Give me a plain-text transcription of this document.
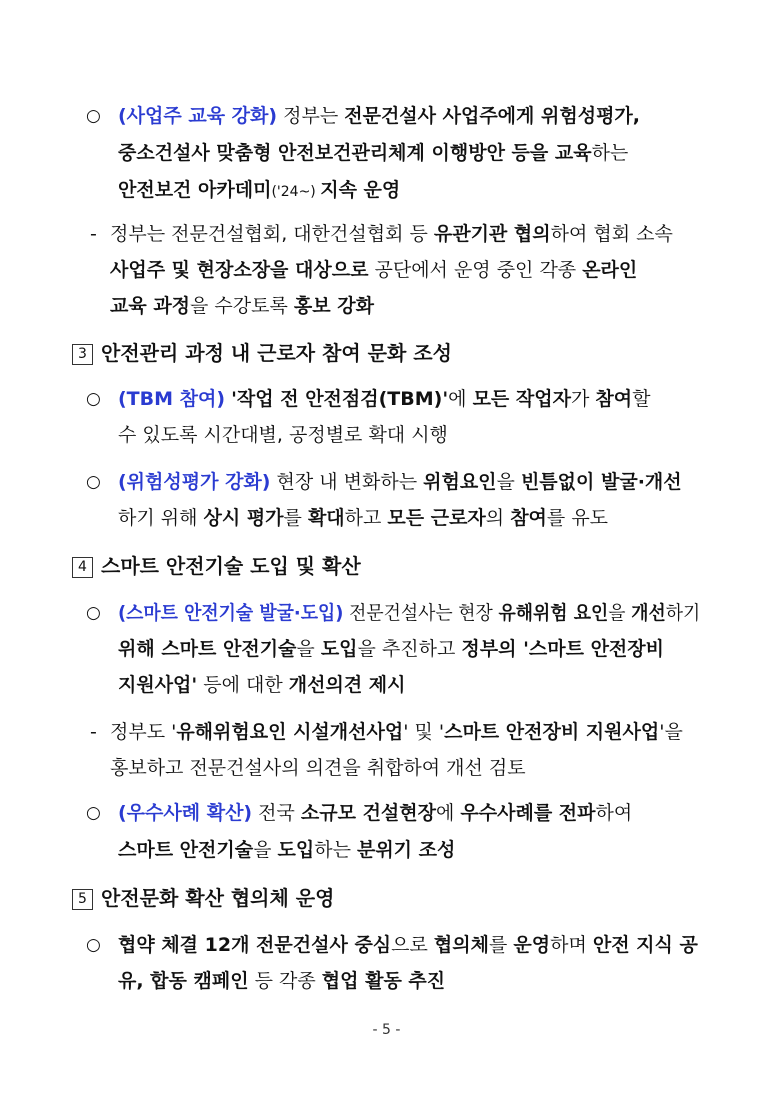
○ (사업주 교육 강화) 정부는 전문건설사 사업주에게 위험성평가,
중소건설사 맞춤형 안전보건관리체계 이행방안 등을 교육하는
안전보건 아카데미('24~) 지속 운영
- 정부는 전문건설협회, 대한건설협회 등 유관기관 협의하여 협회 소속
사업주 및 현장소장을 대상으로 공단에서 운영 중인 각종 온라인
교육 과정을 수강토록 홍보 강화
3 안전관리 과정 내 근로자 참여 문화 조성
○ (TBM 참여) '작업 전 안전점검(TBM)'에 모든 작업자가 참여할
수 있도록 시간대별, 공정별로 확대 시행
○ (위험성평가 강화) 현장 내 변화하는 위험요인을 빈틈없이 발굴·개선
하기 위해 상시 평가를 확대하고 모든 근로자의 참여를 유도
4 스마트 안전기술 도입 및 확산
○ (스마트 안전기술 발굴·도입) 전문건설사는 현장 유해위험 요인을 개선하기
위해 스마트 안전기술을 도입을 추진하고 정부의 '스마트 안전장비
지원사업' 등에 대한 개선의견 제시
- 정부도 '유해위험요인 시설개선사업' 및 '스마트 안전장비 지원사업'을
홍보하고 전문건설사의 의견을 취합하여 개선 검토
○ (우수사례 확산) 전국 소규모 건설현장에 우수사례를 전파하여
스마트 안전기술을 도입하는 분위기 조성
5 안전문화 확산 협의체 운영
○ 협약 체결 12개 전문건설사 중심으로 협의체를 운영하며 안전 지식 공
유, 합동 캠페인 등 각종 협업 활동 추진
- 5 -
